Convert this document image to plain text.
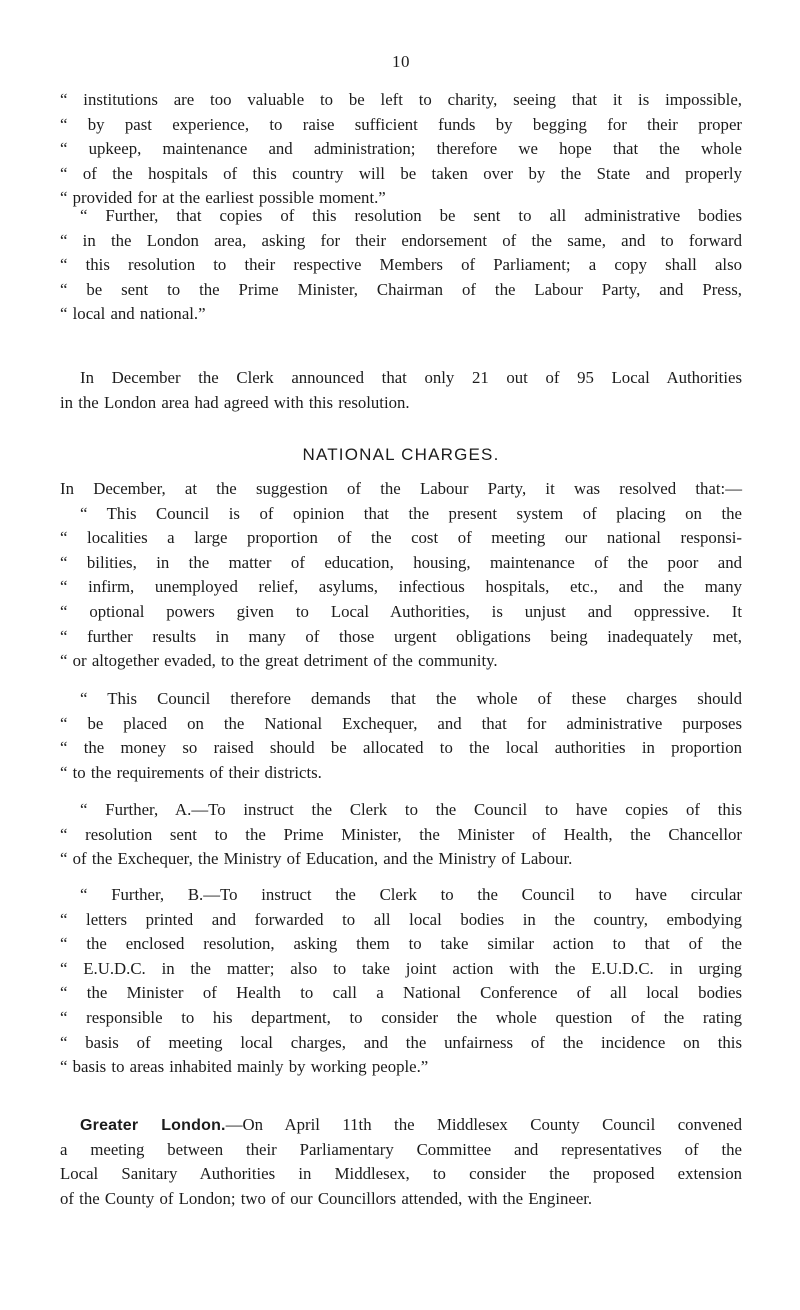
10
“ institutions are too valuable to be left to charity, seeing that it is impossible,
“ by past experience, to raise sufficient funds by begging for their proper
“ upkeep, maintenance and administration; therefore we hope that the whole
“ of the hospitals of this country will be taken over by the State and properly
“ provided for at the earliest possible moment.”
“ Further, that copies of this resolution be sent to all administrative bodies
“ in the London area, asking for their endorsement of the same, and to forward
“ this resolution to their respective Members of Parliament; a copy shall also
“ be sent to the Prime Minister, Chairman of the Labour Party, and Press,
“ local and national.”
In December the Clerk announced that only 21 out of 95 Local Authorities
in the London area had agreed with this resolution.
NATIONAL CHARGES.
In December, at the suggestion of the Labour Party, it was resolved that:—
“ This Council is of opinion that the present system of placing on the
“ localities a large proportion of the cost of meeting our national responsi-
“ bilities, in the matter of education, housing, maintenance of the poor and
“ infirm, unemployed relief, asylums, infectious hospitals, etc., and the many
“ optional powers given to Local Authorities, is unjust and oppressive. It
“ further results in many of those urgent obligations being inadequately met,
“ or altogether evaded, to the great detriment of the community.
“ This Council therefore demands that the whole of these charges should
“ be placed on the National Exchequer, and that for administrative purposes
“ the money so raised should be allocated to the local authorities in proportion
“ to the requirements of their districts.
“ Further, A.—To instruct the Clerk to the Council to have copies of this
“ resolution sent to the Prime Minister, the Minister of Health, the Chancellor
“ of the Exchequer, the Ministry of Education, and the Ministry of Labour.
“ Further, B.—To instruct the Clerk to the Council to have circular
“ letters printed and forwarded to all local bodies in the country, embodying
“ the enclosed resolution, asking them to take similar action to that of the
“ E.U.D.C. in the matter; also to take joint action with the E.U.D.C. in urging
“ the Minister of Health to call a National Conference of all local bodies
“ responsible to his department, to consider the whole question of the rating
“ basis of meeting local charges, and the unfairness of the incidence on this
“ basis to areas inhabited mainly by working people.”
Greater London.—On April 11th the Middlesex County Council convened
a meeting between their Parliamentary Committee and representatives of the
Local Sanitary Authorities in Middlesex, to consider the proposed extension
of the County of London; two of our Councillors attended, with the Engineer.
